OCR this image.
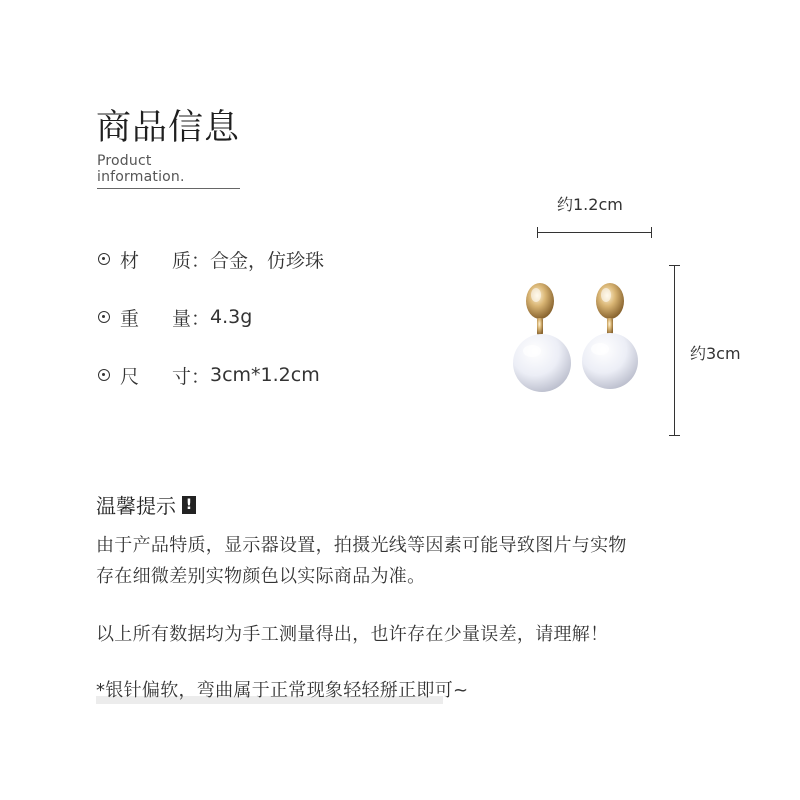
商品信息
Product information.
材	质： 合金，仿珍珠
重	量： 4.3g
尺	寸： 3cm*1.2cm
约1.2cm
约3cm
温馨提示 !
由于产品特质，显示器设置，拍摄光线等因素可能导致图片与实物
存在细微差别实物颜色以实际商品为准。
以上所有数据均为手工测量得出，也许存在少量误差，请理解！
*银针偏软，弯曲属于正常现象轻轻掰正即可~
